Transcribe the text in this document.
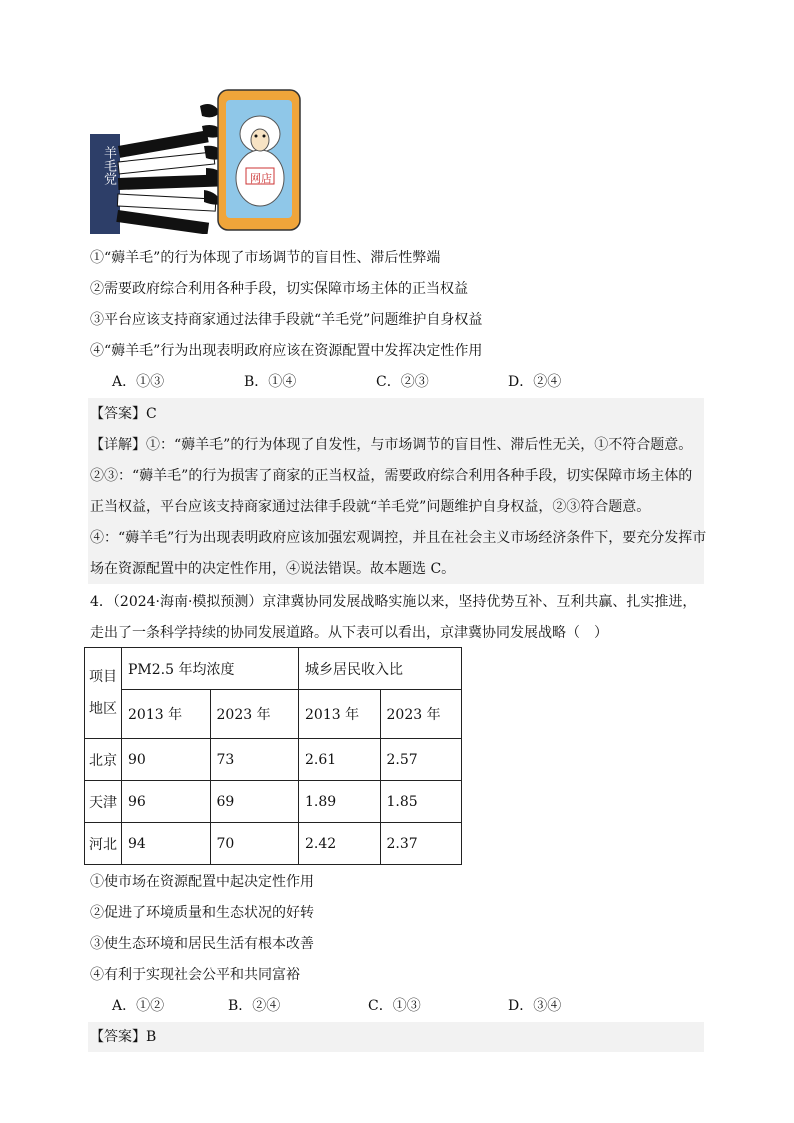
羊毛党	网店
①“薅羊毛”的行为体现了市场调节的盲目性、滞后性弊端
②需要政府综合利用各种手段，切实保障市场主体的正当权益
③平台应该支持商家通过法律手段就“羊毛党”问题维护自身权益
④“薅羊毛”行为出现表明政府应该在资源配置中发挥决定性作用
A．①③	B．①④	C．②③	D．②④
【答案】C
【详解】①：“薅羊毛”的行为体现了自发性，与市场调节的盲目性、滞后性无关，①不符合题意。
②③：“薅羊毛”的行为损害了商家的正当权益，需要政府综合利用各种手段，切实保障市场主体的
正当权益，平台应该支持商家通过法律手段就“羊毛党”问题维护自身权益，②③符合题意。
④：“薅羊毛”行为出现表明政府应该加强宏观调控，并且在社会主义市场经济条件下，要充分发挥市
场在资源配置中的决定性作用，④说法错误。故本题选 C。
4．（2024·海南·模拟预测）京津冀协同发展战略实施以来，坚持优势互补、互利共赢、扎实推进，
走出了一条科学持续的协同发展道路。从下表可以看出，京津冀协同发展战略（　）
项目
地区	PM2.5 年均浓度		城乡居民收入比	
	2013 年	2023 年	2013 年	2023 年
北京	90	73	2.61	2.57
天津	96	69	1.89	1.85
河北	94	70	2.42	2.37
①使市场在资源配置中起决定性作用
②促进了环境质量和生态状况的好转
③使生态环境和居民生活有根本改善
④有利于实现社会公平和共同富裕
A．①②	B．②④	C．①③	D．③④
【答案】B
